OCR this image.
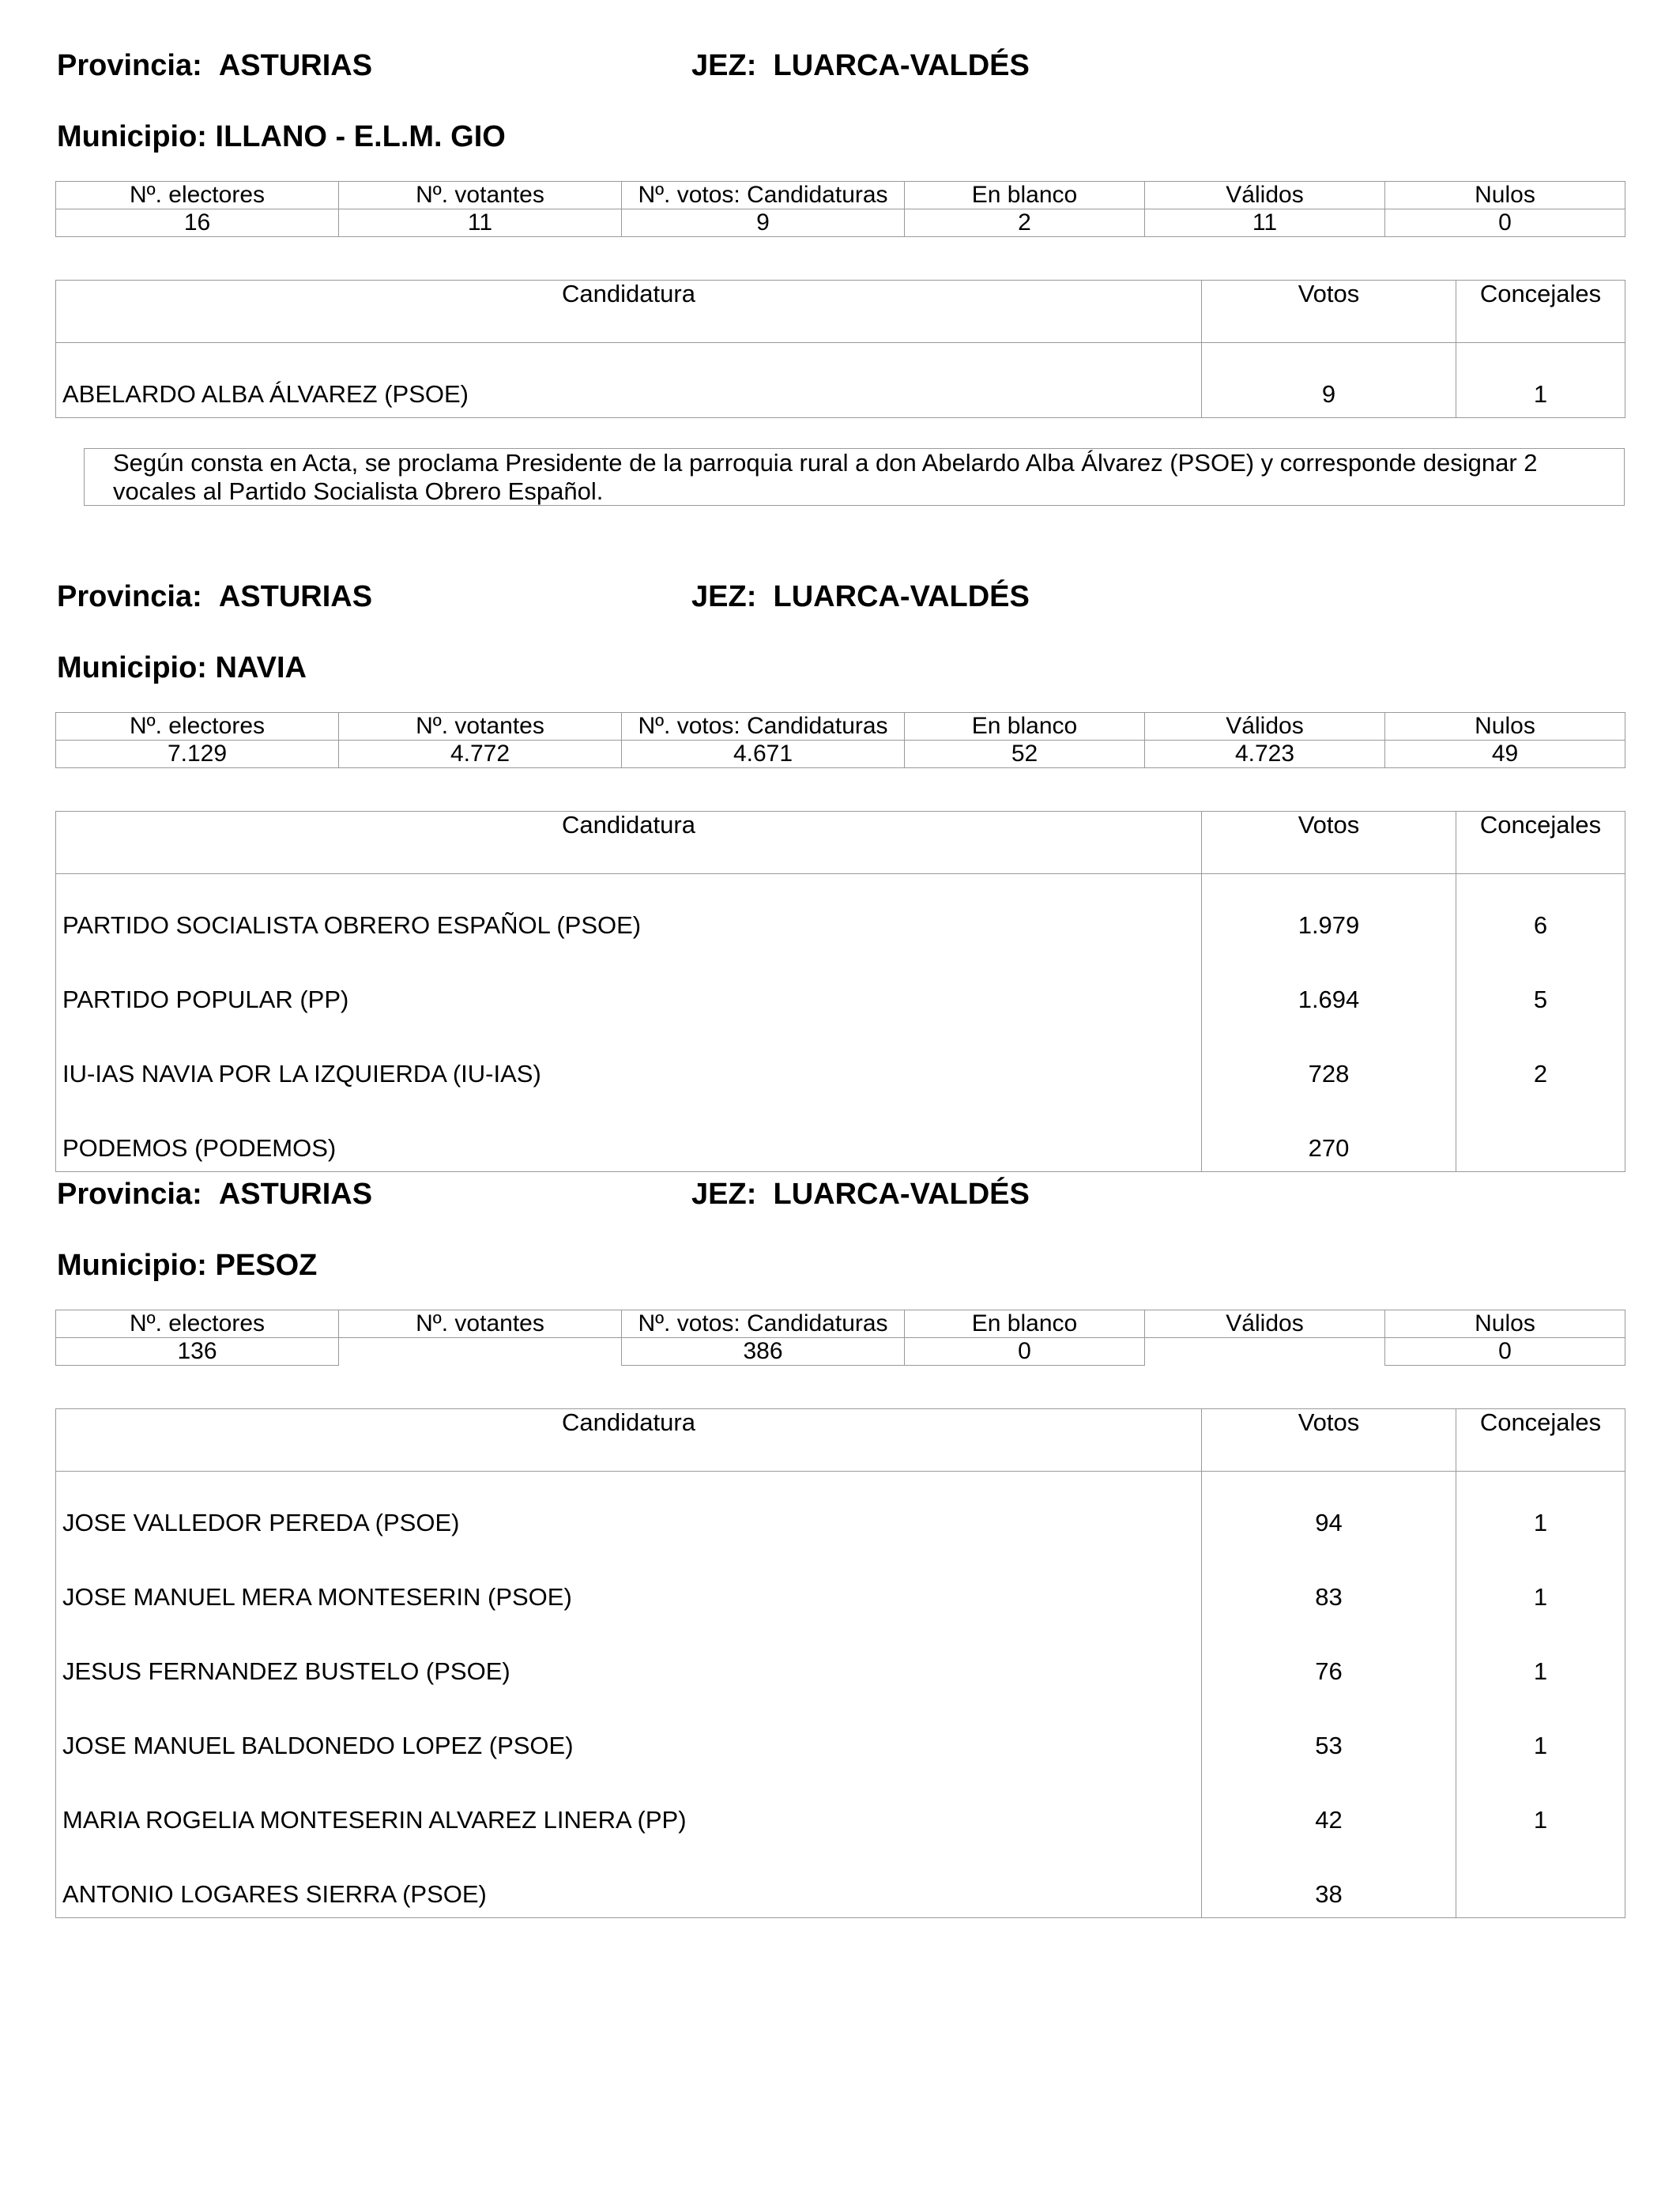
Provincia: ASTURIAS	JEZ: LUARCA-VALDÉS
Municipio: ILLANO - E.L.M. GIO
Nº. electores	Nº. votantes	Nº. votos: Candidaturas	En blanco	Válidos	Nulos
16	11	9	2	11	0
Candidatura	Votos	Concejales
ABELARDO ALBA ÁLVAREZ (PSOE)	9	1
Según consta en Acta, se proclama Presidente de la parroquia rural a don Abelardo Alba Álvarez (PSOE) y corresponde designar 2 vocales al Partido Socialista Obrero Español.
Provincia: ASTURIAS	JEZ: LUARCA-VALDÉS
Municipio: NAVIA
Nº. electores	Nº. votantes	Nº. votos: Candidaturas	En blanco	Válidos	Nulos
7.129	4.772	4.671	52	4.723	49
Candidatura	Votos	Concejales
PARTIDO SOCIALISTA OBRERO ESPAÑOL (PSOE)	1.979	6
PARTIDO POPULAR (PP)	1.694	5
IU-IAS NAVIA POR LA IZQUIERDA (IU-IAS)	728	2
PODEMOS (PODEMOS)	270	
Provincia: ASTURIAS	JEZ: LUARCA-VALDÉS
Municipio: PESOZ
Nº. electores	Nº. votantes	Nº. votos: Candidaturas	En blanco	Válidos	Nulos
136		386	0		0
Candidatura	Votos	Concejales
JOSE VALLEDOR PEREDA (PSOE)	94	1
JOSE MANUEL MERA MONTESERIN (PSOE)	83	1
JESUS FERNANDEZ BUSTELO (PSOE)	76	1
JOSE MANUEL BALDONEDO LOPEZ (PSOE)	53	1
MARIA ROGELIA MONTESERIN ALVAREZ LINERA (PP)	42	1
ANTONIO LOGARES SIERRA (PSOE)	38	
